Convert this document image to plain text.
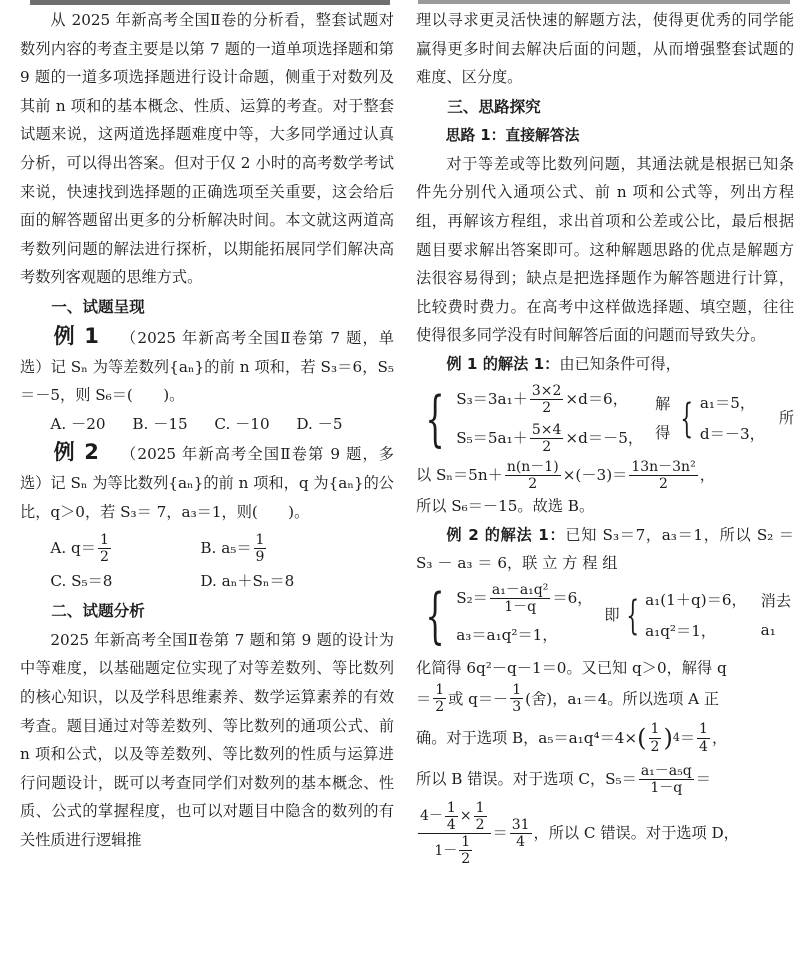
从 2025 年新高考全国Ⅱ卷的分析看，整套试题对数列内容的考查主要是以第 7 题的一道单项选择题和第 9 题的一道多项选择题进行设计命题，侧重于对数列及其前 n 项和的基本概念、性质、运算的考查。对于整套试题来说，这两道选择题难度中等，大多同学通过认真分析，可以得出答案。但对于仅 2 小时的高考数学考试来说，快速找到选择题的正确选项至关重要，这会给后面的解答题留出更多的分析解决时间。本文就这两道高考数列问题的解法进行探析，以期能拓展同学们解决高考数列客观题的思维方式。

一、试题呈现

例 1 （2025 年新高考全国Ⅱ卷第 7 题，单选）记 Sₙ 为等差数列{aₙ}的前 n 项和，若 S₃＝6，S₅＝－5，则 S₆＝(　　)。

A. －20	B. －15	C. －10	D. －5

例 2 （2025 年新高考全国Ⅱ卷第 9 题，多选）记 Sₙ 为等比数列{aₙ}的前 n 项和，q 为{aₙ}的公比，q＞0，若 S₃＝ 7，a₃＝1，则(　　)。

A. $q= \frac{1}{2}$	B. $a_5= \frac{1}{9}$
C. S₅＝8	D. aₙ＋Sₙ＝8

二、试题分析

2025 年新高考全国Ⅱ卷第 7 题和第 9 题的设计为中等难度，以基础题定位实现了对等差数列、等比数列的核心知识，以及学科思维素养、数学运算素养的有效考查。题目通过对等差数列、等比数列的通项公式、前 n 项和公式，以及等差数列、等比数列的性质与运算进行问题设计，既可以考查同学们对数列的基本概念、性质、公式的掌握程度，也可以对题目中隐含的数列的有关性质进行逻辑推

理以寻求更灵活快速的解题方法，使得更优秀的同学能赢得更多时间去解决后面的问题，从而增强整套试题的难度、区分度。

三、思路探究

思路 1：直接解答法

对于等差或等比数列问题，其通法就是根据已知条件先分别代入通项公式、前 n 项和公式等，列出方程组，再解该方程组，求出首项和公差或公比，最后根据题目要求解出答案即可。这种解题思路的优点是解题方法很容易得到；缺点是把选择题作为解答题进行计算，比较费时费力。在高考中这样做选择题、填空题，往往使得很多同学没有时间解答后面的问题而导致失分。

例 1 的解法 1：由已知条件可得，

{ $S_3=3a_1+ \frac{3\times 2}{2} \times d=6$，
$S_5=5a_1+ \frac{5\times 4}{2} \times d=-5$，
解得 { a₁＝5，
d＝－3，
所
以 $S_n=5n+ \frac{n(n-1)}{2} \times(-3)= \frac{\text{13n－3n²}}{2}$ ，

所以 S₆＝－15。故选 B。

例 2 的解法 1：已知 S₃＝7，a₃＝1，所以 S₂ ＝ S₃ － a₃ ＝ 6，联 立 方 程 组

{ $S_2= \frac{\text{a₁－a₁q²}}{1-q} =6$，
a₃＝a₁q²＝1，
即 { a₁(1＋q)＝6，
a₁q²＝1，
消去 a₁

化简得 6q²－q－1＝0。又已知 q＞0，解得 q

＝ $\frac{1}{2}$ 或 $q=- \frac{1}{3}$ (舍)，a₁＝4。所以选项 A 正
确。对于选项 B，a₅＝a₁q⁴＝4× ( $\frac{1}{2}$ ) $4 = \frac{1}{4}$ ，
所以 B 错误。对于选项 C，$S_5= \frac{\text{a₁－a₅q}}{1-q}$ ＝
$\frac{4- \frac{1}{4} \times \frac{1}{2}}{1- \frac{1}{2}} = \frac{31}{4}$ ，所以 C 错误。对于选项 D，
